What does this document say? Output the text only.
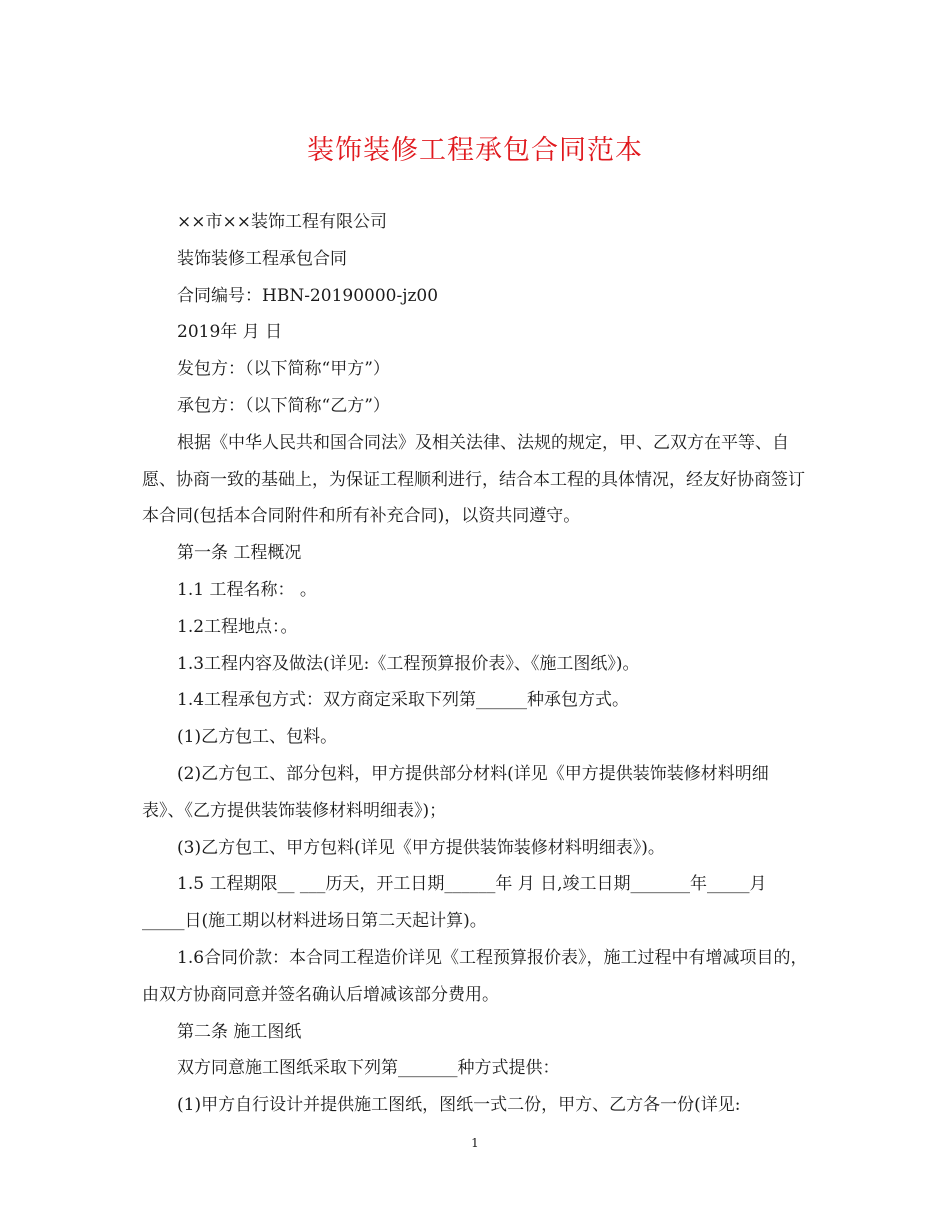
装饰装修工程承包合同范本

××市××装饰工程有限公司

装饰装修工程承包合同

合同编号：HBN-20190000-jz00

2019年 月 日

发包方：（以下简称“甲方”）

承包方：（以下简称“乙方”）

根据《中华人民共和国合同法》及相关法律、法规的规定，甲、乙双方在平等、自愿、协商一致的基础上，为保证工程顺利进行，结合本工程的具体情况，经友好协商签订本合同(包括本合同附件和所有补充合同)，以资共同遵守。

第一条 工程概况

1.1 工程名称： 。

1.2工程地点：。

1.3工程内容及做法(详见:《工程预算报价表》、《施工图纸》)。

1.4工程承包方式：双方商定采取下列第______种承包方式。

(1)乙方包工、包料。

(2)乙方包工、部分包料，甲方提供部分材料(详见《甲方提供装饰装修材料明细表》、《乙方提供装饰装修材料明细表》)；

(3)乙方包工、甲方包料(详见《甲方提供装饰装修材料明细表》)。

1.5 工程期限__ ___历天，开工日期______年 月 日,竣工日期_______年_____月_____日(施工期以材料进场日第二天起计算)。

1.6合同价款：本合同工程造价详见《工程预算报价表》，施工过程中有增减项目的，由双方协商同意并签名确认后增减该部分费用。

第二条 施工图纸

双方同意施工图纸采取下列第_______种方式提供：

(1)甲方自行设计并提供施工图纸，图纸一式二份，甲方、乙方各一份(详见:

1
